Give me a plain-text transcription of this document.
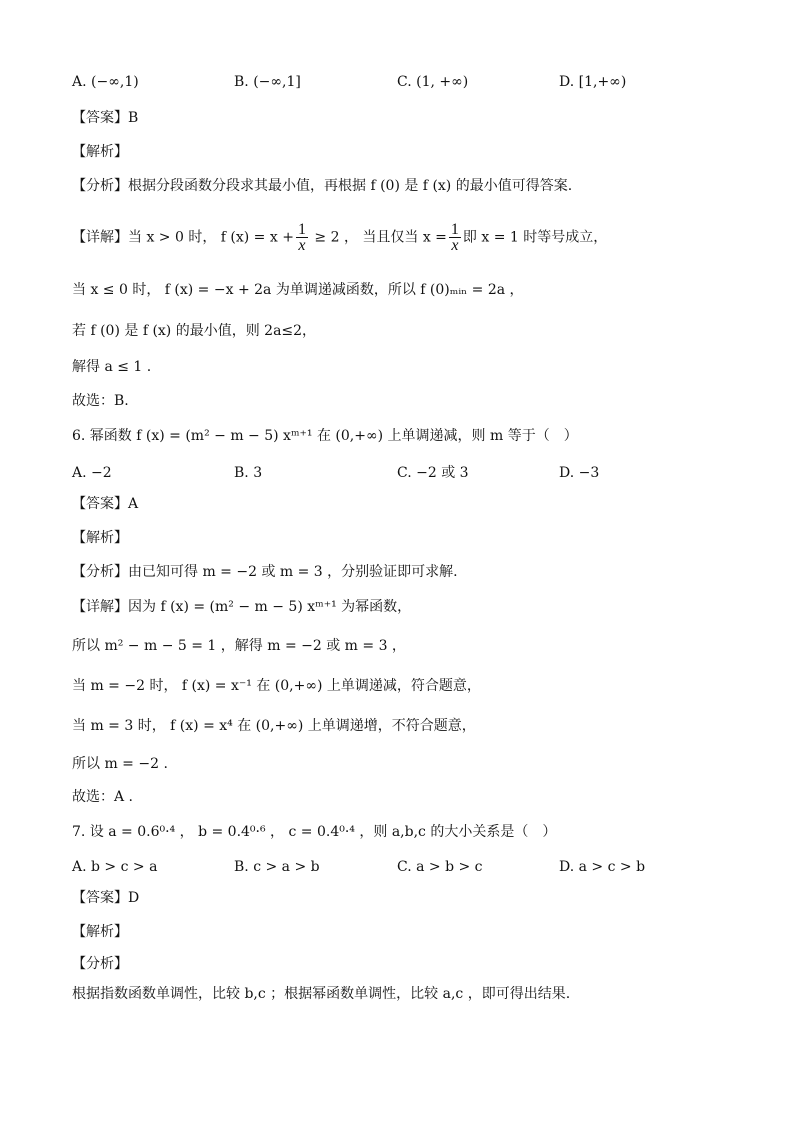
A. (−∞,1)	B. (−∞,1]	C. (1, +∞)	D. [1,+∞)
【答案】B
【解析】
【分析】根据分段函数分段求其最小值，再根据 f (0) 是 f (x) 的最小值可得答案.
【详解】当 x > 0 时， f $(x) = x + \frac{1}{x} \ge 2$ ， 当且仅当 $x = \frac{1}{x}$ 即 x = 1 时等号成立，
当 x ≤ 0 时， f (x) = −x + 2a 为单调递减函数，所以 f (0)ₘᵢₙ = 2a ，
若 f (0) 是 f (x) 的最小值，则 2a≤2，
解得 a ≤ 1 .
故选：B.
6. 幂函数 f (x) = (m² − m − 5) xᵐ⁺¹ 在 (0,+∞) 上单调递减，则 m 等于（　）
A. −2	B. 3	C. −2 或 3	D. −3
【答案】A
【解析】
【分析】由已知可得 m = −2 或 m = 3 ，分别验证即可求解.
【详解】因为 f (x) = (m² − m − 5) xᵐ⁺¹ 为幂函数，
所以 m² − m − 5 = 1 ，解得 m = −2 或 m = 3 ，
当 m = −2 时， f (x) = x⁻¹ 在 (0,+∞) 上单调递减，符合题意，
当 m = 3 时， f (x) = x⁴ 在 (0,+∞) 上单调递增，不符合题意，
所以 m = −2 .
故选：A .
7. 设 a = 0.6⁰·⁴ ， b = 0.4⁰·⁶ ， c = 0.4⁰·⁴ ，则 a,b,c 的大小关系是（　）
A. b > c > a	B. c > a > b	C. a > b > c	D. a > c > b
【答案】D
【解析】
【分析】
根据指数函数单调性，比较 b,c ；根据幂函数单调性，比较 a,c ，即可得出结果.
